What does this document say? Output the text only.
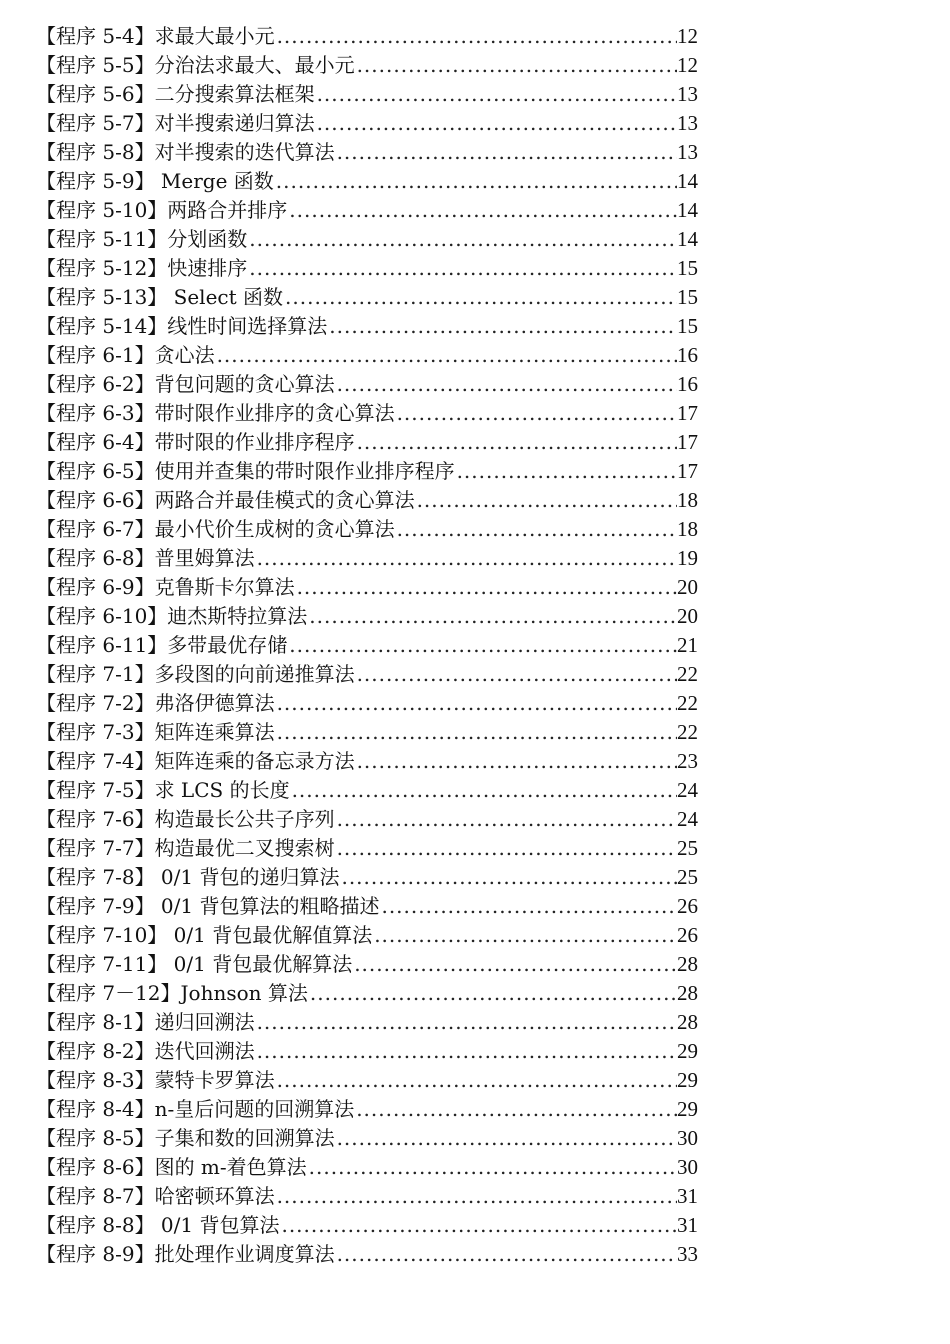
【程序 5-4】求最大最小元 .....	12
【程序 5-5】分治法求最大、最小元 .....	12
【程序 5-6】二分搜索算法框架 .....	13
【程序 5-7】对半搜索递归算法 .....	13
【程序 5-8】对半搜索的迭代算法 .....	13
【程序 5-9】 Merge 函数 .....	14
【程序 5-10】两路合并排序 .....	14
【程序 5-11】分划函数 .....	14
【程序 5-12】快速排序 .....	15
【程序 5-13】 Select 函数 .....	15
【程序 5-14】线性时间选择算法 .....	15
【程序 6-1】贪心法 .....	16
【程序 6-2】背包问题的贪心算法 .....	16
【程序 6-3】带时限作业排序的贪心算法 .....	17
【程序 6-4】带时限的作业排序程序 .....	17
【程序 6-5】使用并查集的带时限作业排序程序 .....	17
【程序 6-6】两路合并最佳模式的贪心算法 .....	18
【程序 6-7】最小代价生成树的贪心算法 .....	18
【程序 6-8】普里姆算法 .....	19
【程序 6-9】克鲁斯卡尔算法 .....	20
【程序 6-10】迪杰斯特拉算法 .....	20
【程序 6-11】多带最优存储 .....	21
【程序 7-1】多段图的向前递推算法 .....	22
【程序 7-2】弗洛伊德算法 .....	22
【程序 7-3】矩阵连乘算法 .....	22
【程序 7-4】矩阵连乘的备忘录方法 .....	23
【程序 7-5】求 LCS 的长度 .....	24
【程序 7-6】构造最长公共子序列 .....	24
【程序 7-7】构造最优二叉搜索树 .....	25
【程序 7-8】 0/1 背包的递归算法 .....	25
【程序 7-9】 0/1 背包算法的粗略描述 .....	26
【程序 7-10】 0/1 背包最优解值算法 .....	26
【程序 7-11】 0/1 背包最优解算法 .....	28
【程序 7－12】Johnson 算法 .....	28
【程序 8-1】递归回溯法 .....	28
【程序 8-2】迭代回溯法 .....	29
【程序 8-3】蒙特卡罗算法 .....	29
【程序 8-4】n-皇后问题的回溯算法 .....	29
【程序 8-5】子集和数的回溯算法 .....	30
【程序 8-6】图的 m-着色算法 .....	30
【程序 8-7】哈密顿环算法 .....	31
【程序 8-8】 0/1 背包算法 .....	31
【程序 8-9】批处理作业调度算法 .....	33
